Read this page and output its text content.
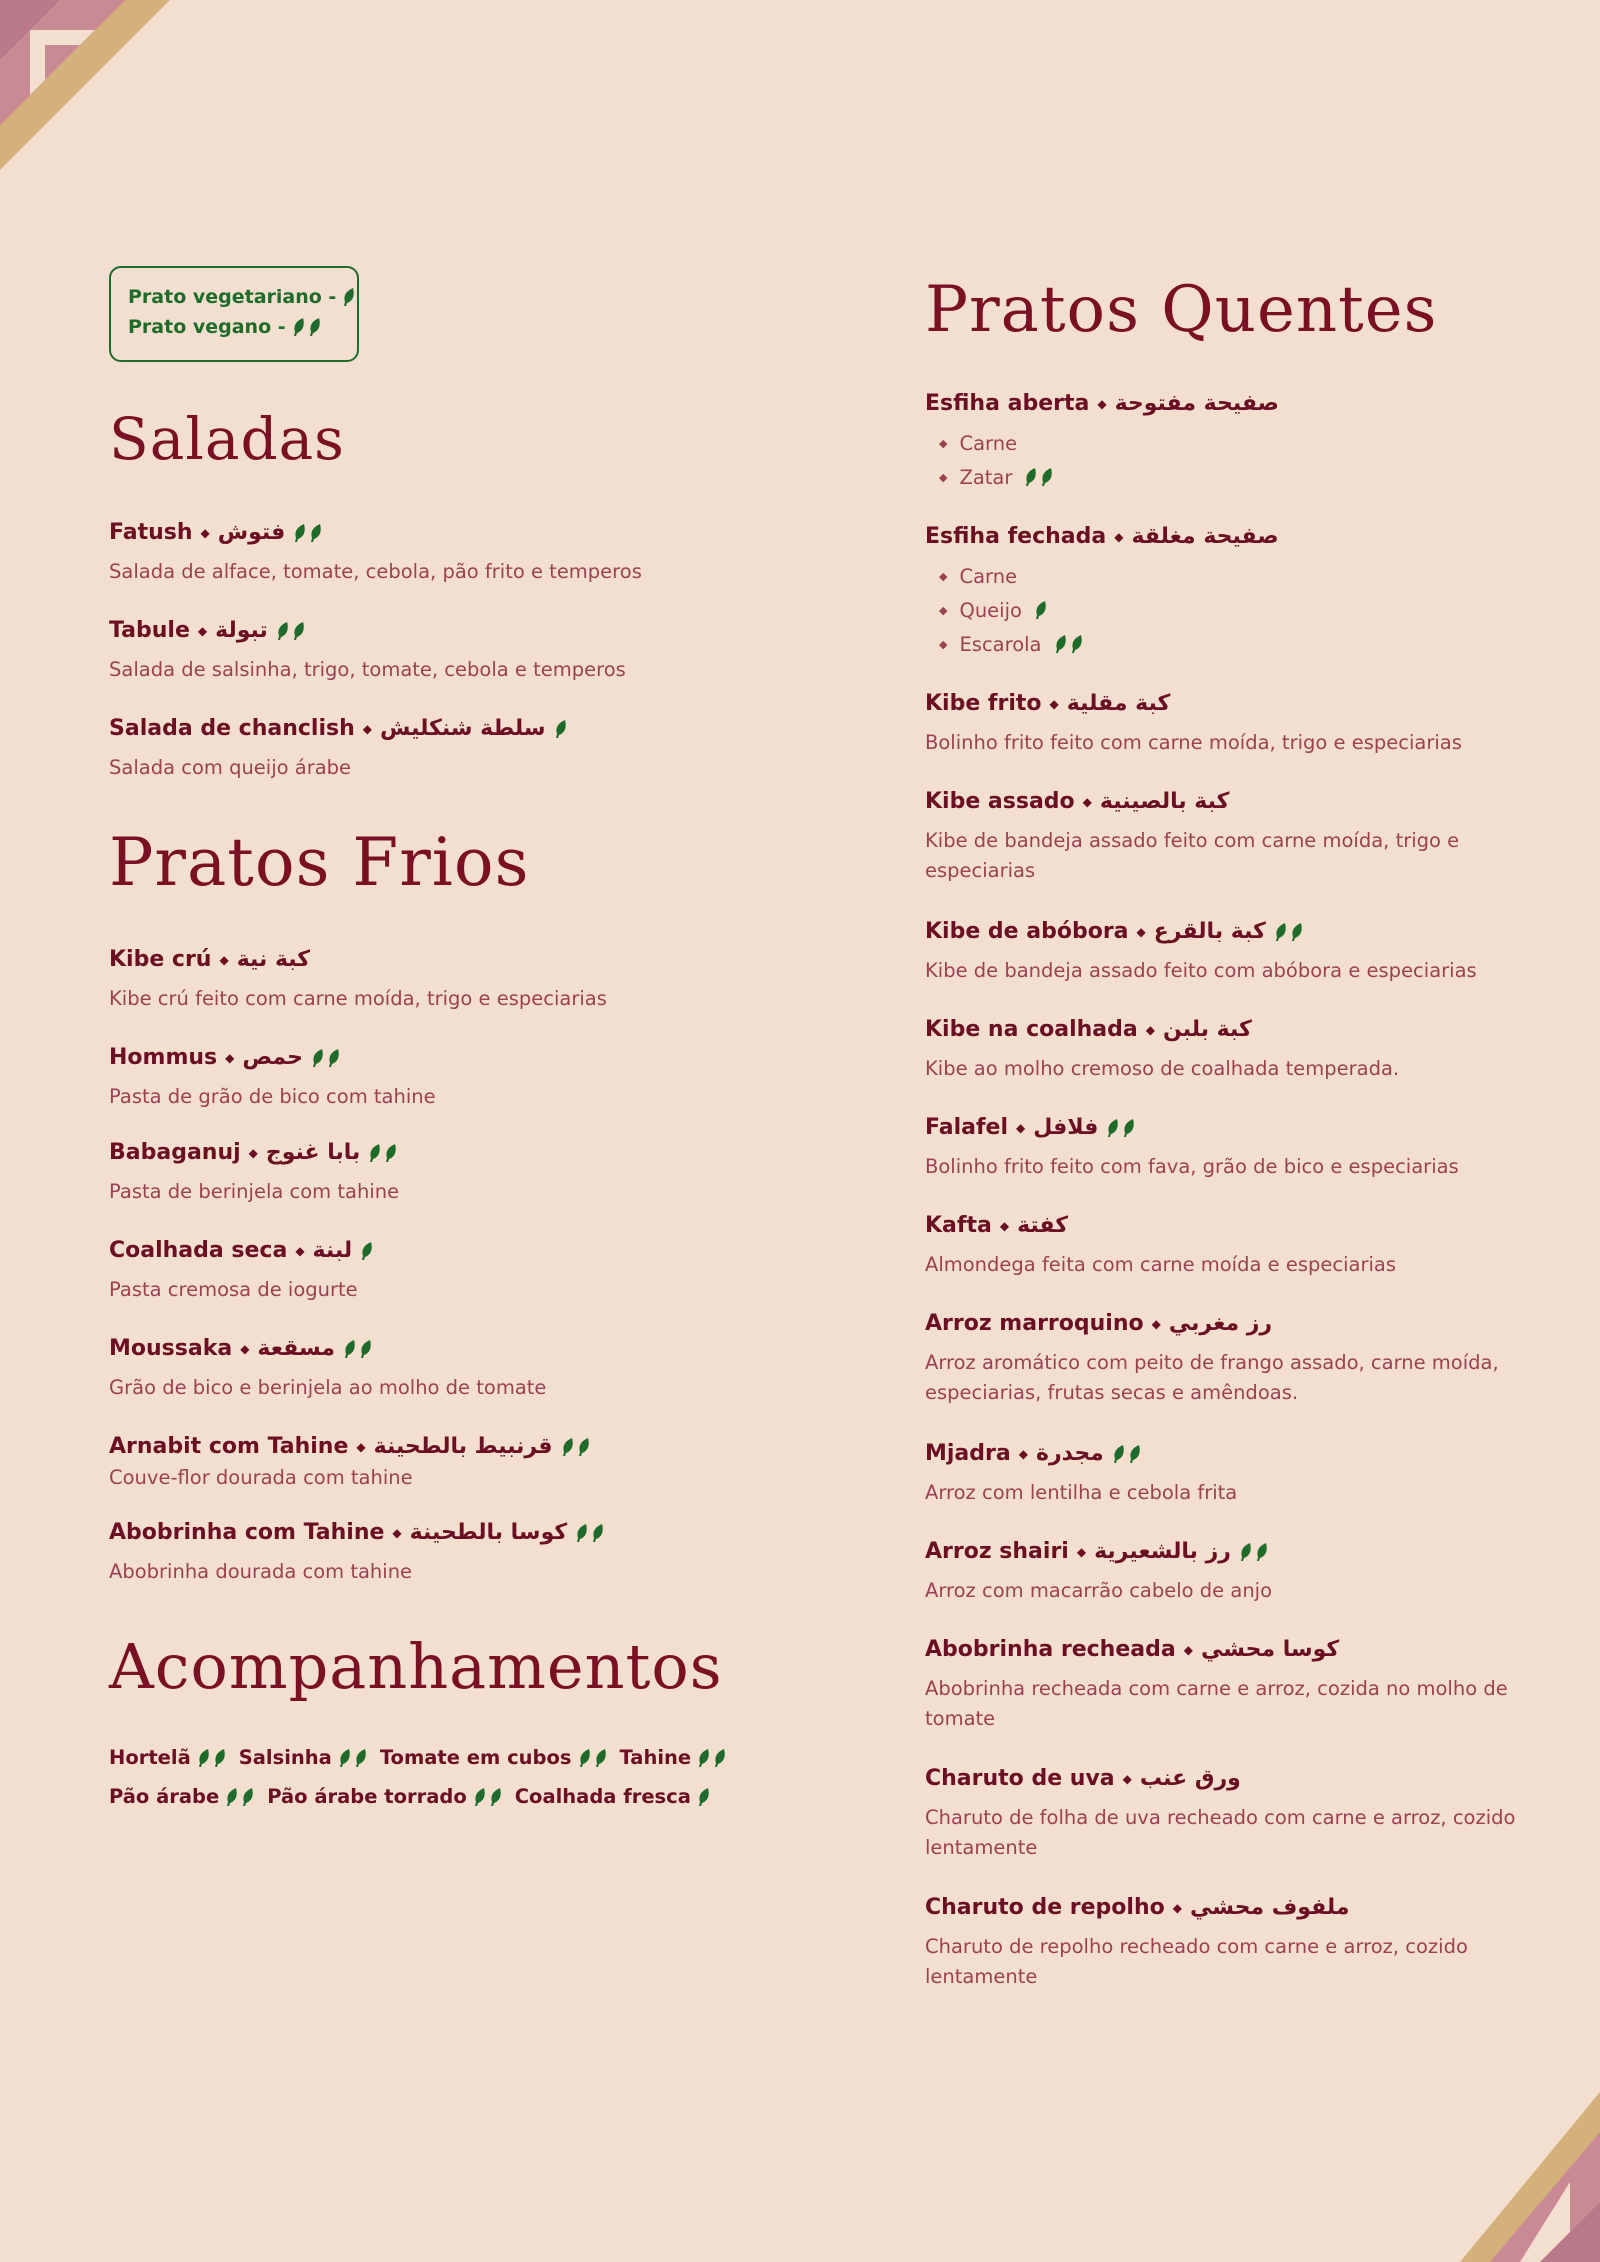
Prato vegetariano -
Prato vegano -
Saladas
Fatush ◆ فتوش
Salada de alface, tomate, cebola, pão frito e temperos
Tabule ◆ تبولة
Salada de salsinha, trigo, tomate, cebola e temperos
Salada de chanclish ◆ سلطة شنكليش
Salada com queijo árabe
Pratos Frios
Kibe crú ◆ كبة نية
Kibe crú feito com carne moída, trigo e especiarias
Hommus ◆ حمص
Pasta de grão de bico com tahine
Babaganuj ◆ بابا غنوج
Pasta de berinjela com tahine
Coalhada seca ◆ لبنة
Pasta cremosa de iogurte
Moussaka ◆ مسقعة
Grão de bico e berinjela ao molho de tomate
Arnabit com Tahine ◆ قرنبيط بالطحينة
Couve-flor dourada com tahine
Abobrinha com Tahine ◆ كوسا بالطحينة
Abobrinha dourada com tahine
Acompanhamentos
Hortelã Salsinha Tomate em cubos Tahine
Pão árabe Pão árabe torrado Coalhada fresca
Pratos Quentes
Esfiha aberta ◆ صفيحة مفتوحة
◆ Carne
◆ Zatar
Esfiha fechada ◆ صفيحة مغلقة
◆ Carne
◆ Queijo
◆ Escarola
Kibe frito ◆ كبة مقلية
Bolinho frito feito com carne moída, trigo e especiarias
Kibe assado ◆ كبة بالصينية
Kibe de bandeja assado feito com carne moída, trigo e especiarias
Kibe de abóbora ◆ كبة بالقرع
Kibe de bandeja assado feito com abóbora e especiarias
Kibe na coalhada ◆ كبة بلبن
Kibe ao molho cremoso de coalhada temperada.
Falafel ◆ فلافل
Bolinho frito feito com fava, grão de bico e especiarias
Kafta ◆ كفتة
Almondega feita com carne moída e especiarias
Arroz marroquino ◆ رز مغربي
Arroz aromático com peito de frango assado, carne moída, especiarias, frutas secas e amêndoas.
Mjadra ◆ مجدرة
Arroz com lentilha e cebola frita
Arroz shairi ◆ رز بالشعيرية
Arroz com macarrão cabelo de anjo
Abobrinha recheada ◆ كوسا محشي
Abobrinha recheada com carne e arroz, cozida no molho de tomate
Charuto de uva ◆ ورق عنب
Charuto de folha de uva recheado com carne e arroz, cozido lentamente
Charuto de repolho ◆ ملفوف محشي
Charuto de repolho recheado com carne e arroz, cozido lentamente
